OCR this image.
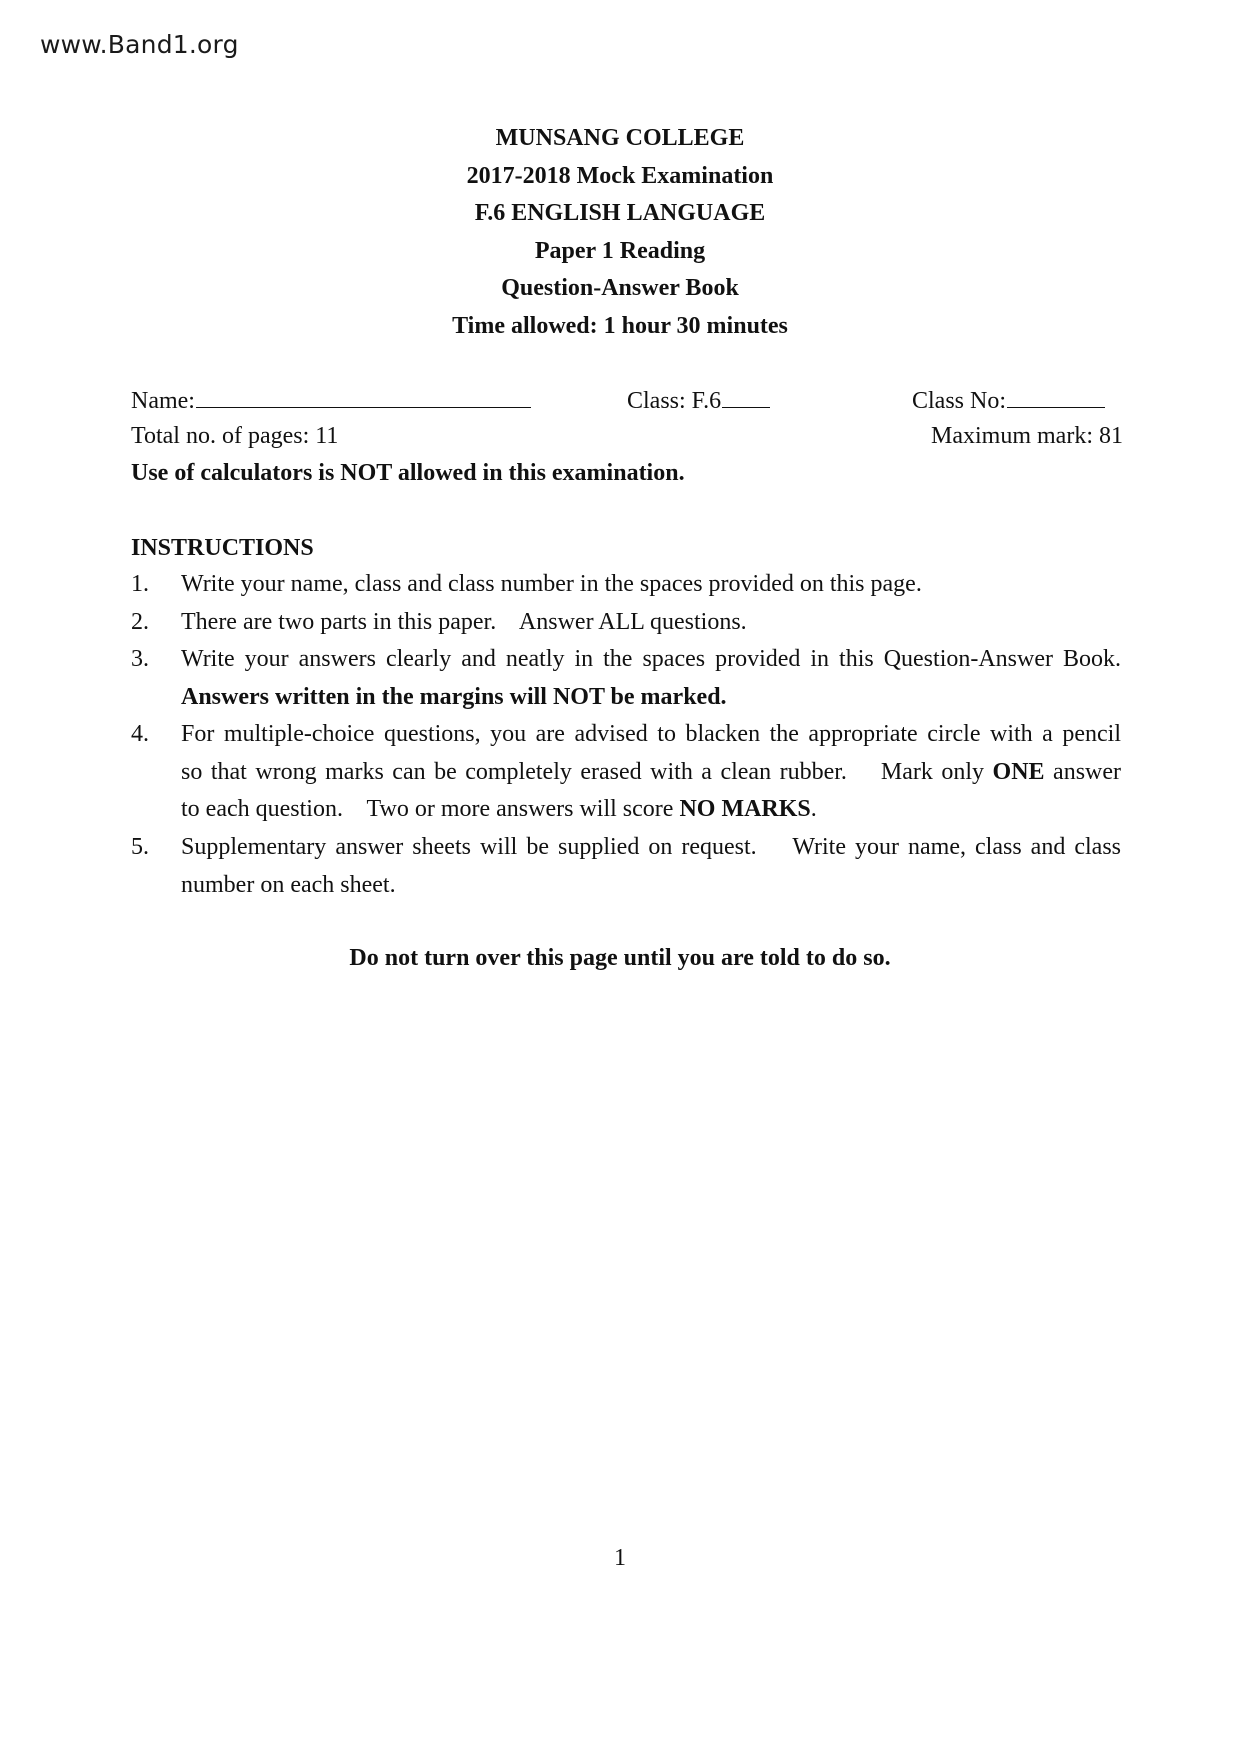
www.Band1.org
MUNSANG COLLEGE
2017-2018 Mock Examination
F.6 ENGLISH LANGUAGE
Paper 1 Reading
Question-Answer Book
Time allowed: 1 hour 30 minutes
Name:	Class: F.6	Class No:
Total no. of pages: 11	Maximum mark: 81
Use of calculators is NOT allowed in this examination.
INSTRUCTIONS
1. Write your name, class and class number in the spaces provided on this page.
2. There are two parts in this paper. Answer ALL questions.
3. Write your answers clearly and neatly in the spaces provided in this Question-Answer Book.
Answers written in the margins will NOT be marked.
4. For multiple-choice questions, you are advised to blacken the appropriate circle with a pencil
so that wrong marks can be completely erased with a clean rubber. Mark only ONE answer
to each question. Two or more answers will score NO MARKS.
5. Supplementary answer sheets will be supplied on request. Write your name, class and class
number on each sheet.
Do not turn over this page until you are told to do so.
1
